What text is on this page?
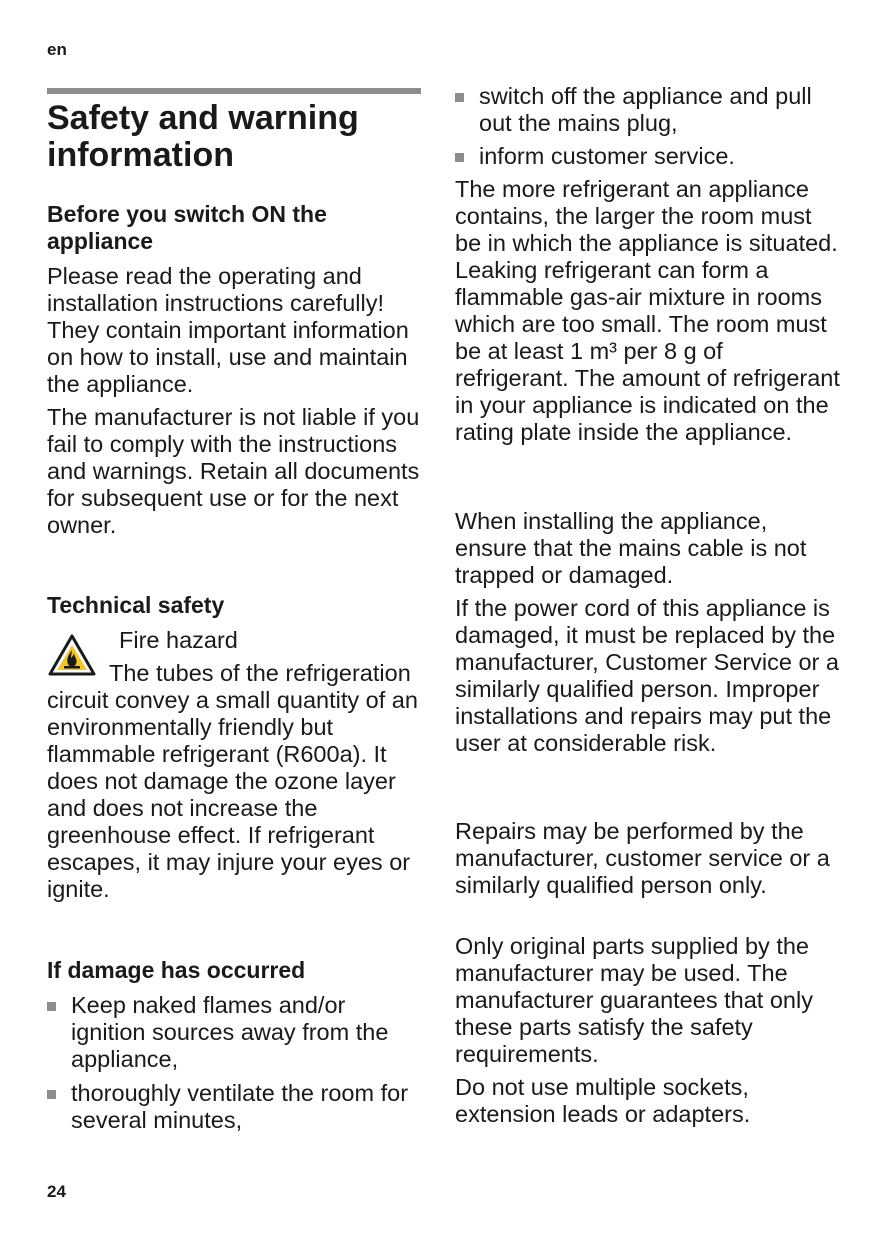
en
Safety and warning information
Before you switch ON the appliance

Please read the operating and installation instructions carefully! They contain important information on how to install, use and maintain the appliance.

The manufacturer is not liable if you fail to comply with the instructions and warnings. Retain all documents for subsequent use or for the next owner.

Technical safety
Fire hazard
The tubes of the refrigeration circuit convey a small quantity of an environmentally friendly but flammable refrigerant (R600a). It does not damage the ozone layer and does not increase the greenhouse effect. If refrigerant escapes, it may injure your eyes or ignite.
If damage has occurred
Keep naked flames and/or ignition sources away from the appliance,
thoroughly ventilate the room for several minutes,
switch off the appliance and pull out the mains plug,
inform customer service.

The more refrigerant an appliance contains, the larger the room must be in which the appliance is situated. Leaking refrigerant can form a flammable gas-air mixture in rooms which are too small. The room must be at least 1 m³ per 8 g of refrigerant. The amount of refrigerant in your appliance is indicated on the rating plate inside the appliance.

When installing the appliance, ensure that the mains cable is not trapped or damaged.

If the power cord of this appliance is damaged, it must be replaced by the manufacturer, Customer Service or a similarly qualified person. Improper installations and repairs may put the user at considerable risk.

Repairs may be performed by the manufacturer, customer service or a similarly qualified person only.

Only original parts supplied by the manufacturer may be used. The manufacturer guarantees that only these parts satisfy the safety requirements.

Do not use multiple sockets, extension leads or adapters.

24
